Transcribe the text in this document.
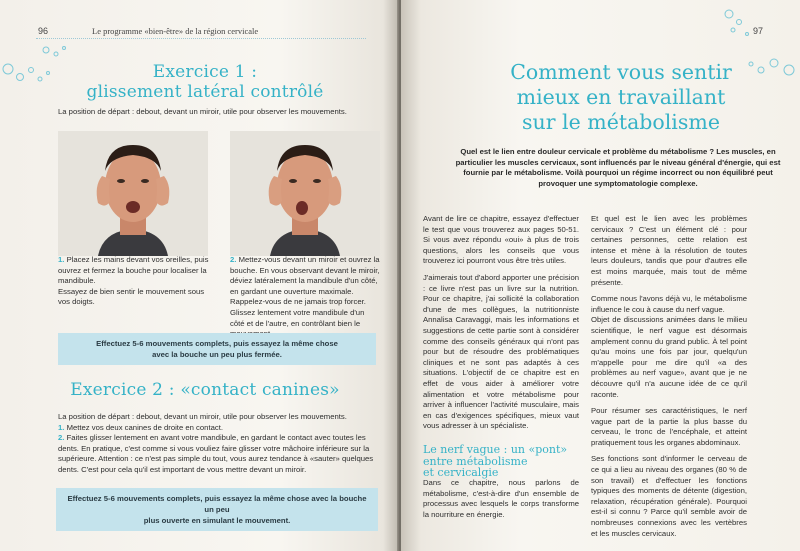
96	Le programme «bien-être» de la région cervicale
Exercice 1 :
glissement latéral contrôlé
La position de départ : debout, devant un miroir, utile pour observer les mouvements.
1. Placez les mains devant vos oreilles, puis ouvrez et fermez la bouche pour localiser la mandibule.
Essayez de bien sentir le mouvement sous vos doigts.
2. Mettez-vous devant un miroir et ouvrez la bouche. En vous observant devant le miroir, déviez latéralement la mandibule d'un côté, en gardant une ouverture maximale. Rappelez-vous de ne jamais trop forcer. Glissez lentement votre mandibule d'un côté et de l'autre, en contrôlant bien le
Effectuez 5-6 mouvements complets, puis essayez la même chose
avec la bouche un peu plus fermée.
Exercice 2 : «contact canines»

La position de départ : debout, devant un miroir, utile pour observer les mouvements.

1. Mettez vos deux canines de droite en contact.

2. Faites glisser lentement en avant votre mandibule, en gardant le contact avec toutes les dents. En pratique, c'est comme si vous vouliez faire glisser votre mâchoire inférieure sur la supérieure. Attention : ce n'est pas simple du tout, vous aurez tendance à «sauter» quelques dents. C'est pour cela qu'il est important de vous mettre devant un miroir.

Effectuez 5-6 mouvements complets, puis essayez la même chose avec la bouche un peu
plus ouverte en simulant le mouvement.
97
Comment vous sentir
mieux en travaillant
sur le métabolisme

Quel est le lien entre douleur cervicale et problème du métabolisme ? Les muscles, en particulier les muscles cervicaux, sont influencés par le niveau général d'énergie, qui est fournie par le métabolisme. Voilà pourquoi un régime incorrect ou non équilibré peut provoquer une symptomatologie complexe.

Avant de lire ce chapitre, essayez d'effectuer le test que vous trouverez aux pages 50-51. Si vous avez répondu «oui» à plus de trois questions, alors les conseils que vous trouverez ici pourront vous être très utiles.

J'aimerais tout d'abord apporter une précision : ce livre n'est pas un livre sur la nutrition. Pour ce chapitre, j'ai sollicité la collaboration d'une de mes collègues, la nutritionniste Annalisa Caravaggi, mais les informations et suggestions de cette partie sont à considérer comme des conseils généraux qui n'ont pas pour but de résoudre des problématiques cliniques et ne sont pas adaptés à ces situations. L'objectif de ce chapitre est en effet de vous aider à améliorer votre alimentation et votre métabolisme pour arriver à influencer l'activité musculaire, mais en cas d'exigences spécifiques, mieux vaut vous adresser à un spécialiste.

Le nerf vague : un «pont»
entre métabolisme
et cervicalgie

Dans ce chapitre, nous parlons de métabolisme, c'est-à-dire d'un ensemble de processus avec lesquels le corps transforme la nourriture en énergie.

Et quel est le lien avec les problèmes cervicaux ? C'est un élément clé : pour certaines personnes, cette relation est intense et mène à la résolution de toutes leurs douleurs, tandis que pour d'autres elle est moins marquée, mais tout de même présente.

Comme nous l'avons déjà vu, le métabolisme influence le cou à cause du nerf vague.

Objet de discussions animées dans le milieu scientifique, le nerf vague est désormais amplement connu du grand public. À tel point qu'au moins une fois par jour, quelqu'un m'appelle pour me dire qu'il «a des problèmes au nerf vague», avant que je ne découvre qu'il n'a aucune idée de ce qu'il raconte.

Pour résumer ses caractéristiques, le nerf vague part de la partie la plus basse du cerveau, le tronc de l'encéphale, et atteint pratiquement tous les organes abdominaux.

Ses fonctions sont d'informer le cerveau de ce qui a lieu au niveau des organes (80 % de son travail) et d'effectuer les fonctions typiques des moments de détente (digestion, relaxation, récupération générale). Pourquoi est-il si connu ? Parce qu'il semble avoir de nombreuses connexions avec les vertèbres et les muscles cervicaux.
